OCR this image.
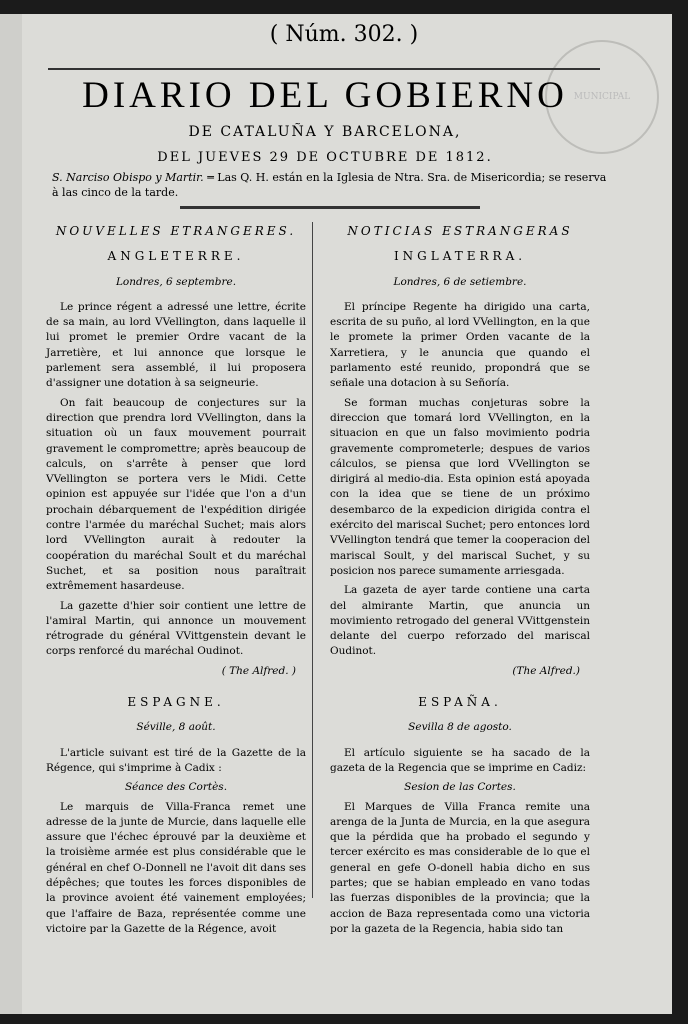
MUNICIPAL
( Núm. 302. )
DIARIO DEL GOBIERNO
DE CATALUÑA Y BARCELONA,
DEL JUEVES 29 DE OCTUBRE DE 1812.
S. Narciso Obispo y Martir. ═ Las Q. H. están en la Iglesia de Ntra. Sra. de Misericordia; se reserva à las cinco de la tarde.
NOUVELLES ETRANGERES.
ANGLETERRE.
Londres, 6 septembre.

Le prince régent a adressé une lettre, écrite de sa main, au lord VVellington, dans laquelle il lui promet le premier Ordre vacant de la Jarretière, et lui annonce que lorsque le parlement sera assemblé, il lui proposera d'assigner une dotation à sa seigneurie.

On fait beaucoup de conjectures sur la direction que prendra lord VVellington, dans la situation où un faux mouvement pourrait gravement le compromettre; après beaucoup de calculs, on s'arrête à penser que lord VVellington se portera vers le Midi. Cette opinion est appuyée sur l'idée que l'on a d'un prochain débarquement de l'expédition dirigée contre l'armée du maréchal Suchet; mais alors lord VVellington aurait à redouter la coopération du maréchal Soult et du maréchal Suchet, et sa position nous paraîtrait extrêmement hasardeuse.

La gazette d'hier soir contient une lettre de l'amiral Martin, qui annonce un mouvement rétrograde du général VVittgenstein devant le corps renforcé du maréchal Oudinot.

( The Alfred. )
ESPAGNE.
Séville, 8 août.

L'article suivant est tiré de la Gazette de la Régence, qui s'imprime à Cadix :

Séance des Cortès.

Le marquis de Villa-Franca remet une adresse de la junte de Murcie, dans laquelle elle assure que l'échec éprouvé par la deuxième et la troisième armée est plus considérable que le général en chef O-Donnell ne l'avoit dit dans ses dépêches; que toutes les forces disponibles de la province avoient été vainement employées; que l'affaire de Baza, représentée comme une victoire par la Gazette de la Régence, avoit

NOTICIAS ESTRANGERAS
INGLATERRA.
Londres, 6 de setiembre.

El príncipe Regente ha dirigido una carta, escrita de su puño, al lord VVellington, en la que le promete la primer Orden vacante de la Xarretiera, y le anuncia que quando el parlamento esté reunido, propondrá que se señale una dotacion à su Señoría.

Se forman muchas conjeturas sobre la direccion que tomará lord VVellington, en la situacion en que un falso movimiento podria gravemente comprometerle; despues de varios cálculos, se piensa que lord VVellington se dirigirá al medio-dia. Esta opinion está apoyada con la idea que se tiene de un próximo desembarco de la expedicion dirigida contra el exército del mariscal Suchet; pero entonces lord VVellington tendrá que temer la cooperacion del mariscal Soult, y del mariscal Suchet, y su posicion nos parece sumamente arriesgada.

La gazeta de ayer tarde contiene una carta del almirante Martin, que anuncia un movimiento retrogado del general VVittgenstein delante del cuerpo reforzado del mariscal Oudinot.

(The Alfred.)
ESPAÑA.
Sevilla 8 de agosto.

El artículo siguiente se ha sacado de la gazeta de la Regencia que se imprime en Cadiz:

Sesion de las Cortes.

El Marques de Villa Franca remite una arenga de la Junta de Murcia, en la que asegura que la pérdida que ha probado el segundo y tercer exército es mas considerable de lo que el general en gefe O-donell habia dicho en sus partes; que se habian empleado en vano todas las fuerzas disponibles de la provincia; que la accion de Baza representada como una victoria por la gazeta de la Regencia, habia sido tan
